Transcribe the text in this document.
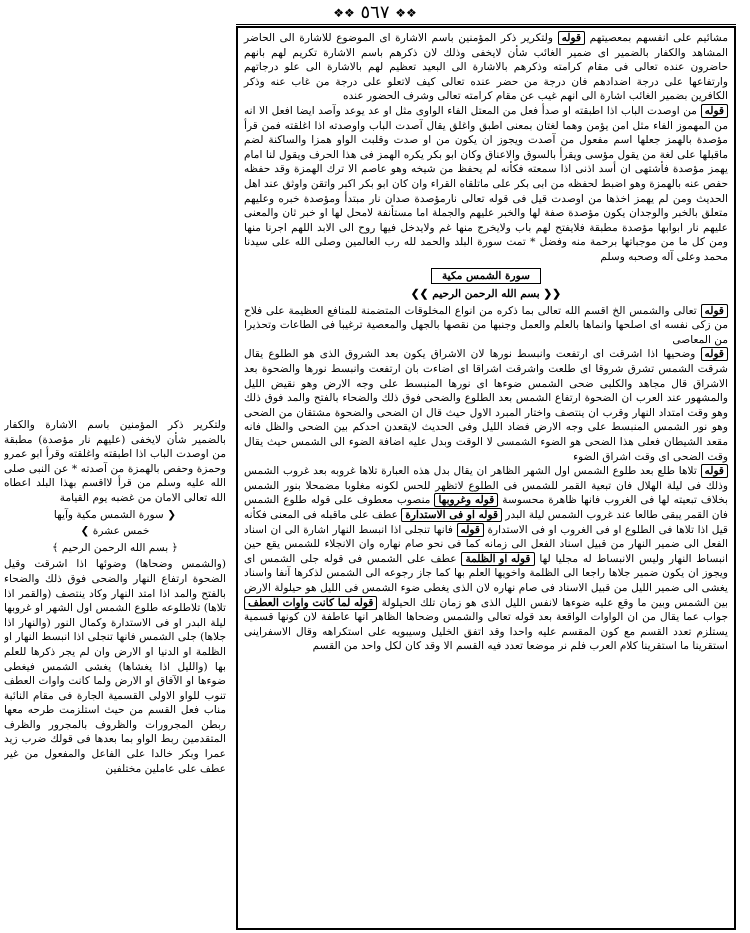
❖❖ ٥٦٧ ❖❖

مشائيم على انفسهم بمعصيتهم قوله ولتكرير ذكر المؤمنين باسم الاشارة اى الموضوع للاشارة الى الحاضر المشاهد والكفار بالضمير اى ضمير الغائب شأن لايخفى وذلك لان ذكرهم باسم الاشارة تكريم لهم بانهم حاضرون عنده تعالى فى مقام كرامته وذكرهم بالاشارة الى البعيد تعظيم لهم بالاشارة الى علو درجاتهم وارتفاعها على درجة اضدادهم فان درجة من حضر عنده تعالى كيف لاتعلو على درجة من غاب عنه وذكر الكافرين بضمير الغائب اشارة الى انهم غيب عن مقام كرامته تعالى وشرف الحضور عنده

قوله من اوصدت الباب اذا اطبقته او صدأ فعل من المعتل الفاء الواوى مثل او عد يوعد وآصد ايضا افعل الا انه من المهموز الفاء مثل امن يؤمن وهما لغتان بمعنى اطبق واغلق يقال آصدت الباب واوصدته اذا اغلقته فمن قرأ مؤصدة بالهمز جعلها اسم مفعول من آصدت ويجوز ان يكون من او صدت وقلبت الواو همزا والساكنة لضم ماقبلها على لغة من يقول مؤسى ويقرأ بالسوق والاعناق وكان ابو بكر يكره الهمز فى هذا الحرف ويقول لنا امام يهمز مؤصدة فأشتهى ان أسد اذنى اذا سمعته فكأنه لم يحفظ من شيخه وهو عاصم الا ترك الهمزة وقد حفظه حفص عنه بالهمزة وهو اضبط لحفظه من ابى بكر على ماتلقاه القراء وان كان ابو بكر اكبر واتقن واوثق عند اهل الحديث ومن لم يهمز اخذها من اوصدت قيل فى قوله تعالى نارمؤصدة صدان نار مبتدأ ومؤصدة خبره وعليهم متعلق بالخبر والوجدان يكون مؤصدة صفة لها والخبر عليهم والجملة اما مستأنفة لامحل لها او خبر ثان والمعنى عليهم نار ابوابها مؤصدة مطبقة فلايفتح لهم باب ولايخرج منها غم ولايدخل فيها روح الى الابد اللهم اجرنا منها ومن كل ما من موجباتها برحمة منه وفضل * تمت سورة البلد والحمد لله رب العالمين وصلى الله على سيدنا محمد وعلى آله وصحبه وسلم

سورة الشمس مكية
❮❮ بسم الله الرحمن الرحيم ❯❯

قوله تعالى والشمس الخ اقسم الله تعالى بما ذكره من انواع المخلوقات المتضمنة للمنافع العظيمة على فلاح من زكى نفسه اى اصلحها وانماها بالعلم والعمل وجنبها من نقصها بالجهل والمعصية ترغيبا فى الطاعات وتحذيرا من المعاصى

قوله وضحيها اذا اشرقت اى ارتفعت وانبسط نورها لان الاشراق يكون بعد الشروق الذى هو الطلوع يقال شرقت الشمس تشرق شروقا اى طلعت واشرقت اشراقا اى اضاءت بان ارتفعت وانبسط نورها والضحوة بعد الاشراق قال مجاهد والكلبى ضحى الشمس ضوءها اى نورها المنبسط على وجه الارض وهو نقيض الليل والمشهور عند العرب ان الضحوة ارتفاع الشمس بعد الطلوع والضحى فوق ذلك والضحاء بالفتح والمد فوق ذلك وهو وقت امتداد النهار وقرب ان ينتصف واختار المبرد الاول حيث قال ان الضحى والضحوة مشتقان من الضحى وهو نور الشمس المنبسط على وجه الارض فضاد الليل وفى الحديث لايقعدن احدكم بين الضحى والظل فانه مقعد الشيطان فعلى هذا الضحى هو الضوء الشمسى لا الوقت وبدل عليه اضافة الضوء الى الشمس حيث يقال وقت الضحى اى وقت اشراق الضوء

قوله تلاها طلع بعد طلوع الشمس اول الشهر الظاهر ان يقال بدل هذه العبارة تلاها غروبه بعد غروب الشمس وذلك فى ليلة الهلال فان تبعية القمر للشمس فى الطلوع لاتظهر للحس لكونه مغلوبا مضمحلا بنور الشمس بخلاف تبعيته لها فى الغروب فانها ظاهرة محسوسة قوله وغروبها منصوب معطوف على قوله طلوع الشمس فان القمر يبقى طالعا عند غروب الشمس ليلة البدر قوله او فى الاستدارة عطف على ماقبله فى المعنى فكأنه قيل اذا تلاها فى الطلوع او فى الغروب او فى الاستدارة قوله فانها تنجلى اذا انبسط النهار اشارة الى ان اسناد الفعل الى ضمير النهار من قبيل اسناد الفعل الى زمانه كما فى نحو صام نهاره وان الانجلاء للشمس يقع حين انبساط النهار وليس الانبساط له مجليا لها قوله او الظلمة عطف على الشمس فى قوله جلى الشمس اى ويجوز ان يكون ضمير جلاها راجعا الى الظلمة واخويها العلم بها كما جاز رجوعه الى الشمس لذكرها آنفا واسناد يغشى الى ضمير الليل من قبيل الاسناد فى صام نهاره لان الذى يغطى ضوء الشمس فى الليل هو حيلولة الارض بين الشمس وبين ما وقع عليه ضوءها لانفس الليل الذى هو زمان تلك الحيلولة قوله لما كانت واوات العطف جواب عما يقال من ان الواوات الواقعة بعد قوله تعالى والشمس وضحاها الظاهر انها عاطفة لان كونها قسمية يستلزم تعدد القسم مع كون المقسم عليه واحدا وقد اتفق الخليل وسيبويه على استكراهه وقال الاسفراينى استقرينا ما استقرينا كلام العرب فلم نر موضعا تعدد فيه القسم الا وقد كان لكل واحد من القسم

ولتكرير ذكر المؤمنين باسم الاشارة والكفار بالضمير شأن لايخفى (عليهم نار مؤصدة) مطبقة من اوصدت الباب اذا اطبقته واغلقته وقرأ ابو عمرو وحمزة وحفص بالهمزة من آصدته * عن النبى صلى الله عليه وسلم من قرأ لااقسم بهذا البلد اعطاه الله تعالى الامان من غضبه يوم القيامة

❮ سورة الشمس مكية وآيها
خمس عشرة ❯
﴿ بسم الله الرحمن الرحيم ﴾

(والشمس وضحاها) وضوئها اذا اشرقت وقيل الضحوة ارتفاع النهار والضحى فوق ذلك والضحاء بالفتح والمد اذا امتد النهار وكاد ينتصف (والقمر اذا تلاها) تلاطلوعه طلوع الشمس اول الشهر او غروبها ليلة البدر او فى الاستدارة وكمال النور (والنهار اذا جلاها) جلى الشمس فانها تنجلى اذا انبسط النهار او الظلمة او الدنيا او الارض وان لم يجر ذكرها للعلم بها (والليل اذا يغشاها) يغشى الشمس فيغطى ضوءها او الآفاق او الارض ولما كانت واوات العطف تنوب للواو الاولى القسمية الجارة فى مقام النائبة مناب فعل القسم من حيث استلزمت طرحه معها ربطن المجرورات والظروف بالمجرور والظرف المتقدمين ربط الواو بما بعدها فى قولك ضرب زيد عمرا وبكر خالدا على الفاعل والمفعول من غير عطف على عاملين مختلفين
